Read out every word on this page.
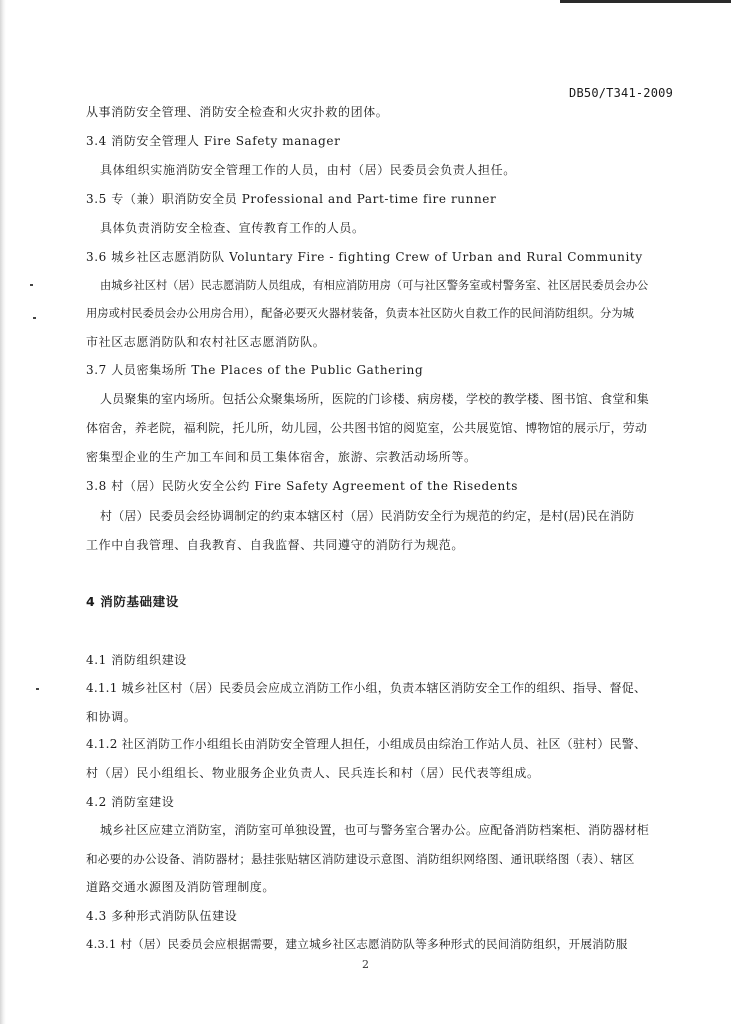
DB50/T341-2009
从事消防安全管理、消防安全检查和火灾扑救的团体。
3.4 消防安全管理人 Fire Safety manager
具体组织实施消防安全管理工作的人员，由村（居）民委员会负责人担任。
3.5 专（兼）职消防安全员 Professional and Part-time fire runner
具体负责消防安全检查、宣传教育工作的人员。
3.6 城乡社区志愿消防队 Voluntary Fire - fighting Crew of Urban and Rural Community
由城乡社区村（居）民志愿消防人员组成，有相应消防用房（可与社区警务室或村警务室、社区居民委员会办公
用房或村民委员会办公用房合用），配备必要灭火器材装备，负责本社区防火自救工作的民间消防组织。分为城
市社区志愿消防队和农村社区志愿消防队。
3.7 人员密集场所 The Places of the Public Gathering
人员聚集的室内场所。包括公众聚集场所，医院的门诊楼、病房楼，学校的教学楼、图书馆、食堂和集
体宿舍，养老院，福利院，托儿所，幼儿园，公共图书馆的阅览室，公共展览馆、博物馆的展示厅，劳动
密集型企业的生产加工车间和员工集体宿舍，旅游、宗教活动场所等。
3.8 村（居）民防火安全公约 Fire Safety Agreement of the Risedents
村（居）民委员会经协调制定的约束本辖区村（居）民消防安全行为规范的约定，是村(居)民在消防
工作中自我管理、自我教育、自我监督、共同遵守的消防行为规范。
4 消防基础建设
4.1 消防组织建设
4.1.1 城乡社区村（居）民委员会应成立消防工作小组，负责本辖区消防安全工作的组织、指导、督促、
和协调。
4.1.2 社区消防工作小组组长由消防安全管理人担任，小组成员由综治工作站人员、社区（驻村）民警、
村（居）民小组组长、物业服务企业负责人、民兵连长和村（居）民代表等组成。
4.2 消防室建设
城乡社区应建立消防室，消防室可单独设置，也可与警务室合署办公。应配备消防档案柜、消防器材柜
和必要的办公设备、消防器材；悬挂张贴辖区消防建设示意图、消防组织网络图、通讯联络图（表）、辖区
道路交通水源图及消防管理制度。
4.3 多种形式消防队伍建设
4.3.1 村（居）民委员会应根据需要，建立城乡社区志愿消防队等多种形式的民间消防组织，开展消防服
2
